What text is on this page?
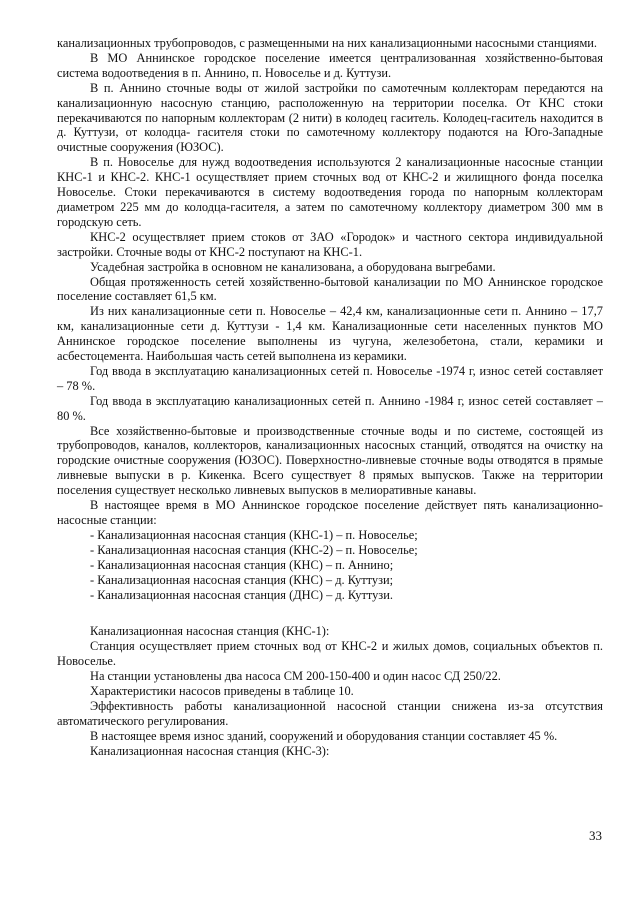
канализационных трубопроводов, с размещенными на них канализационными насосными станциями.

В МО Аннинское городское поселение имеется централизованная хозяйственно-бытовая система водоотведения в п. Аннино, п. Новоселье и д. Куттузи.

В п. Аннино сточные воды от жилой застройки по самотечным коллекторам передаются на канализационную насосную станцию, расположенную на территории поселка. От КНС стоки перекачиваются по напорным коллекторам (2 нити) в колодец гаситель. Колодец-гаситель находится в д. Куттузи, от колодца- гасителя стоки по самотечному коллектору подаются на Юго-Западные очистные сооружения (ЮЗОС).

В п. Новоселье для нужд водоотведения используются 2 канализационные насосные станции КНС-1 и КНС-2. КНС-1 осуществляет прием сточных вод от КНС-2 и жилищного фонда поселка Новоселье. Стоки перекачиваются в систему водоотведения города по напорным коллекторам диаметром 225 мм до колодца-гасителя, а затем по самотечному коллектору диаметром 300 мм в городскую сеть.

КНС-2 осуществляет прием стоков от ЗАО «Городок» и частного сектора индивидуальной застройки. Сточные воды от КНС-2 поступают на КНС-1.

Усадебная застройка в основном не канализована, а оборудована выгребами.

Общая протяженность сетей хозяйственно-бытовой канализации по МО Аннинское городское поселение составляет 61,5 км.

Из них канализационные сети п. Новоселье – 42,4 км, канализационные сети п. Аннино – 17,7 км, канализационные сети д. Куттузи - 1,4 км. Канализационные сети населенных пунктов МО Аннинское городское поселение выполнены из чугуна, железобетона, стали, керамики и асбестоцемента. Наибольшая часть сетей выполнена из керамики.

Год ввода в эксплуатацию канализационных сетей п. Новоселье -1974 г, износ сетей составляет – 78 %.

Год ввода в эксплуатацию канализационных сетей п. Аннино -1984 г, износ сетей составляет – 80 %.

Все хозяйственно-бытовые и производственные сточные воды и по системе, состоящей из трубопроводов, каналов, коллекторов, канализационных насосных станций, отводятся на очистку на городские очистные сооружения (ЮЗОС). Поверхностно-ливневые сточные воды отводятся в прямые ливневые выпуски в р. Кикенка. Всего существует 8 прямых выпусков. Также на территории поселения существует несколько ливневых выпусков в мелиоративные канавы.

В настоящее время в МО Аннинское городское поселение действует пять канализационно-насосные станции:

- Канализационная насосная станция (КНС-1) – п. Новоселье;

- Канализационная насосная станция (КНС-2) – п. Новоселье;

- Канализационная насосная станция (КНС) – п. Аннино;

- Канализационная насосная станция (КНС) – д. Куттузи;

- Канализационная насосная станция (ДНС) – д. Куттузи.

Канализационная насосная станция (КНС-1):

Станция осуществляет прием сточных вод от КНС-2 и жилых домов, социальных объектов п. Новоселье.

На станции установлены два насоса СМ 200-150-400 и один насос СД 250/22.

Характеристики насосов приведены в таблице 10.

Эффективность работы канализационной насосной станции снижена из-за отсутствия автоматического регулирования.

В настоящее время износ зданий, сооружений и оборудования станции составляет 45 %.

Канализационная насосная станция (КНС-3):

33
